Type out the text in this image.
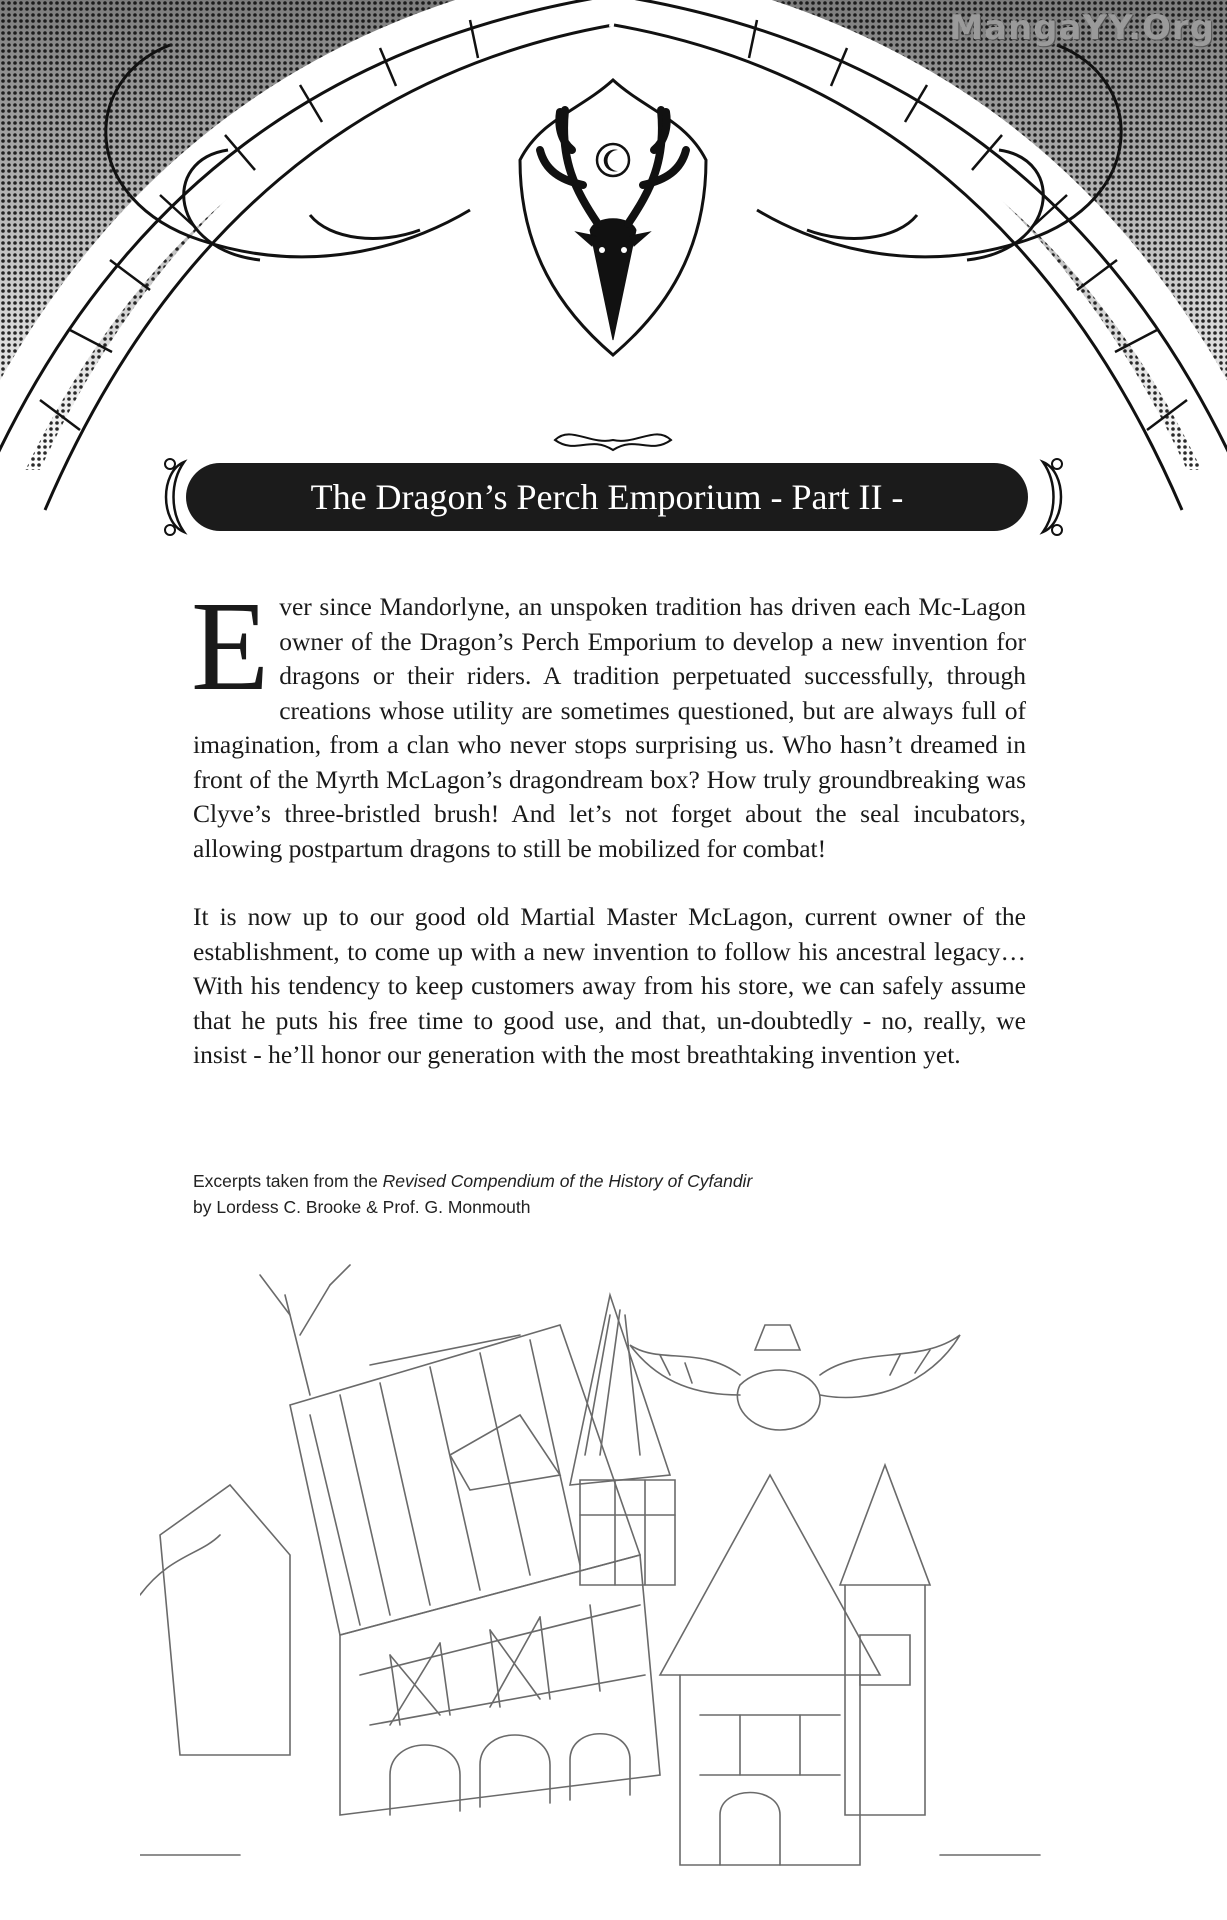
MangaYY.Org
The Dragon’s Perch Emporium - Part II -

Ever since Mandorlyne, an unspoken tradition has driven each Mc-Lagon owner of the Dragon’s Perch Emporium to develop a new invention for dragons or their riders. A tradition perpetuated successfully, through creations whose utility are sometimes questioned, but are always full of imagination, from a clan who never stops surprising us. Who hasn’t dreamed in front of the Myrth McLagon’s dragondream box? How truly groundbreaking was Clyve’s three-bristled brush! And let’s not forget about the seal incubators, allowing postpartum dragons to still be mobilized for combat!

It is now up to our good old Martial Master McLagon, current owner of the establishment, to come up with a new invention to follow his ancestral legacy… With his tendency to keep customers away from his store, we can safely assume that he puts his free time to good use, and that, un-doubtedly - no, really, we insist - he’ll honor our generation with the most breathtaking invention yet.

Excerpts taken from the Revised Compendium of the History of Cyfandir
by Lordess C. Brooke & Prof. G. Monmouth
